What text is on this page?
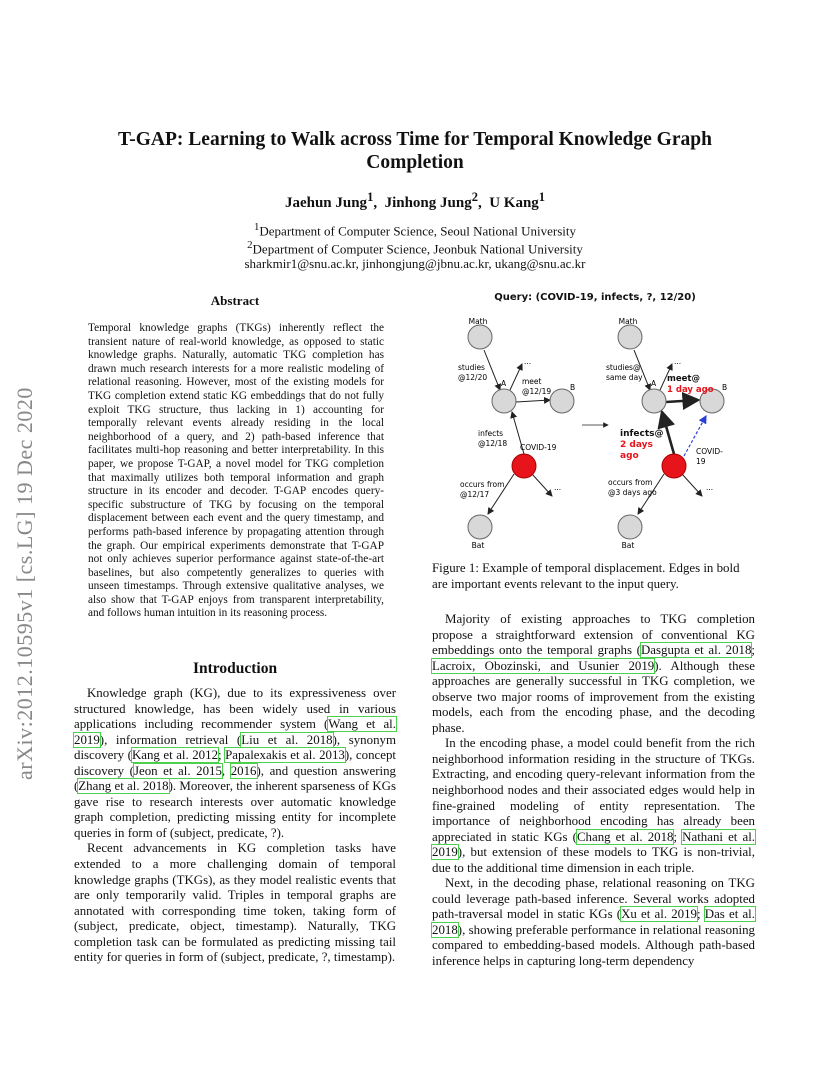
arXiv:2012.10595v1 [cs.LG] 19 Dec 2020
T-GAP: Learning to Walk across Time for Temporal Knowledge Graph
Completion
Jaehun Jung$^1$,  Jinhong Jung$^2$,  U Kang$^1$
$^1$Department of Computer Science, Seoul National University
$^2$Department of Computer Science, Jeonbuk National University
sharkmir1@snu.ac.kr, jinhongjung@jbnu.ac.kr, ukang@snu.ac.kr
Abstract
Temporal knowledge graphs (TKGs) inherently reflect the transient nature of real-world knowledge, as opposed to static knowledge graphs. Naturally, automatic TKG completion has drawn much research interests for a more realistic modeling of relational reasoning. However, most of the existing models for TKG completion extend static KG embeddings that do not fully exploit TKG structure, thus lacking in 1) accounting for temporally relevant events already residing in the local neighborhood of a query, and 2) path-based inference that facilitates multi-hop reasoning and better interpretability. In this paper, we propose T-GAP, a novel model for TKG completion that maximally utilizes both temporal information and graph structure in its encoder and decoder. T-GAP encodes query-specific substructure of TKG by focusing on the temporal displacement between each event and the query timestamp, and performs path-based inference by propagating attention through the graph. Our empirical experiments demonstrate that T-GAP not only achieves superior performance against state-of-the-art baselines, but also competently generalizes to queries with unseen timestamps. Through extensive qualitative analyses, we also show that T-GAP enjoys from transparent interpretability, and follows human intuition in its reasoning process.
Introduction

Knowledge graph (KG), due to its expressiveness over structured knowledge, has been widely used in various applications including recommender system (Wang et al. 2019), information retrieval (Liu et al. 2018), synonym discovery (Kang et al. 2012; Papalexakis et al. 2013), concept discovery (Jeon et al. 2015, 2016), and question answering (Zhang et al. 2018). Moreover, the inherent sparseness of KGs gave rise to research interests over automatic knowledge graph completion, predicting missing entity for incomplete queries in form of (subject, predicate, ?).

Recent advancements in KG completion tasks have extended to a more challenging domain of temporal knowledge graphs (TKGs), as they model realistic events that are only temporarily valid. Triples in temporal graphs are annotated with corresponding time token, taking form of (subject, predicate, object, timestamp). Naturally, TKG completion task can be formulated as predicting missing tail entity for queries in form of (subject, predicate, ?, timestamp).

Query: (COVID-19, infects, ?, 12/20)
Math
Bat
COVID-19
A	B
studies
@12/20	meet
@12/19
infects
@12/18
occurs from
@12/17
...
...
Math
Bat
COVID-
19
A	B
studies@
same day	meet@
1 day ago
infects@
2 days
ago
occurs from
@3 days ago
...
...
Figure 1: Example of temporal displacement. Edges in bold are important events relevant to the input query.

Majority of existing approaches to TKG completion propose a straightforward extension of conventional KG embeddings onto the temporal graphs (Dasgupta et al. 2018; Lacroix, Obozinski, and Usunier 2019). Although these approaches are generally successful in TKG completion, we observe two major rooms of improvement from the existing models, each from the encoding phase, and the decoding phase.

In the encoding phase, a model could benefit from the rich neighborhood information residing in the structure of TKGs. Extracting, and encoding query-relevant information from the neighborhood nodes and their associated edges would help in fine-grained modeling of entity representation. The importance of neighborhood encoding has already been appreciated in static KGs (Chang et al. 2018; Nathani et al. 2019), but extension of these models to TKG is non-trivial, due to the additional time dimension in each triple.

Next, in the decoding phase, relational reasoning on TKG could leverage path-based inference. Several works adopted path-traversal model in static KGs (Xu et al. 2019; Das et al. 2018), showing preferable performance in relational reasoning compared to embedding-based models. Although path-based inference helps in capturing long-term dependency
